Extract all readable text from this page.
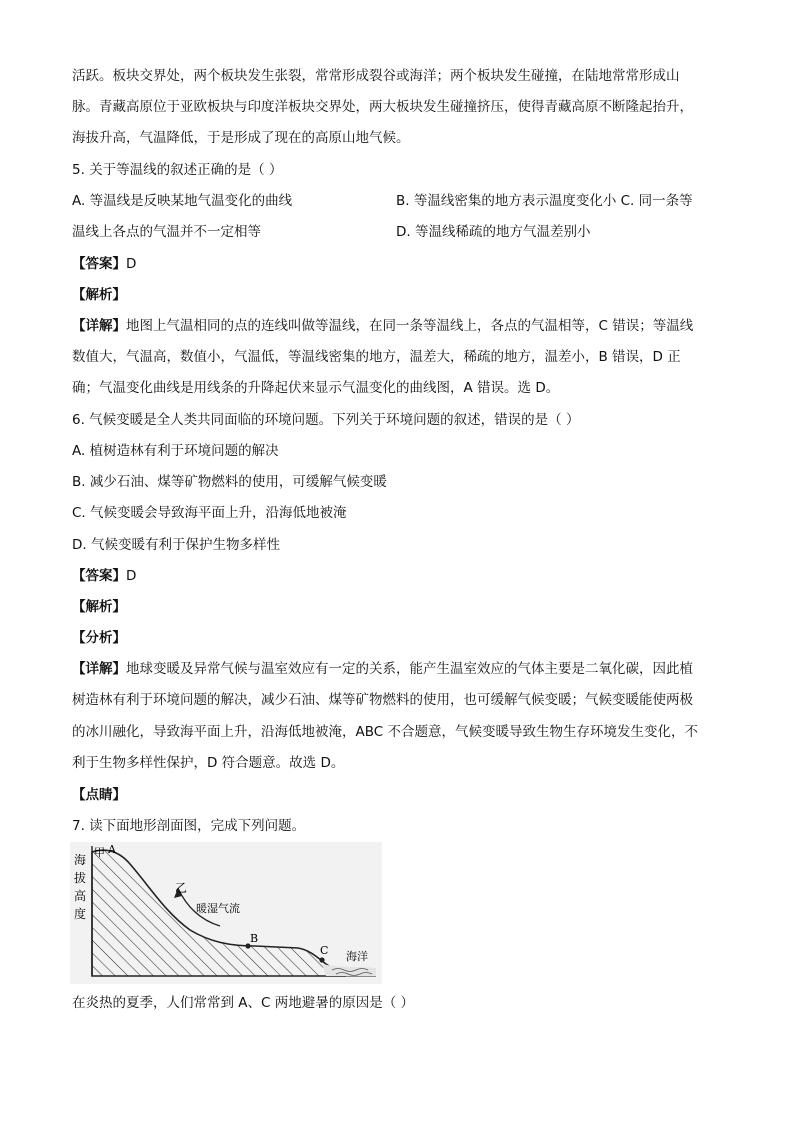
活跃。板块交界处，两个板块发生张裂，常常形成裂谷或海洋；两个板块发生碰撞，在陆地常常形成山
脉。青藏高原位于亚欧板块与印度洋板块交界处，两大板块发生碰撞挤压，使得青藏高原不断隆起抬升，
海拔升高，气温降低，于是形成了现在的高原山地气候。
5. 关于等温线的叙述正确的是（ ）
A. 等温线是反映某地气温变化的曲线	B. 等温线密集的地方表示温度变化小 C. 同一条等
温线上各点的气温并不一定相等	D. 等温线稀疏的地方气温差别小
【答案】D
【解析】
【详解】地图上气温相同的点的连线叫做等温线，在同一条等温线上，各点的气温相等，C 错误；等温线
数值大，气温高，数值小，气温低，等温线密集的地方，温差大，稀疏的地方，温差小，B 错误，D 正
确；气温变化曲线是用线条的升降起伏来显示气温变化的曲线图，A 错误。选 D。
6. 气候变暖是全人类共同面临的环境问题。下列关于环境问题的叙述，错误的是（ ）
A. 植树造林有利于环境问题的解决
B. 减少石油、煤等矿物燃料的使用，可缓解气候变暖
C. 气候变暖会导致海平面上升，沿海低地被淹
D. 气候变暖有利于保护生物多样性
【答案】D
【解析】
【分析】
【详解】地球变暖及异常气候与温室效应有一定的关系，能产生温室效应的气体主要是二氧化碳，因此植
树造林有利于环境问题的解决，减少石油、煤等矿物燃料的使用，也可缓解气候变暖；气候变暖能使两极
的冰川融化，导致海平面上升，沿海低地被淹，ABC 不合题意，气候变暖导致生物生存环境发生变化，不
利于生物多样性保护，D 符合题意。故选 D。
【点睛】
7. 读下面地形剖面图，完成下列问题。
海
拔
高
度
甲 A
乙
暖湿气流
B
C 海洋
在炎热的夏季，人们常常到 A、C 两地避暑的原因是（ ）
